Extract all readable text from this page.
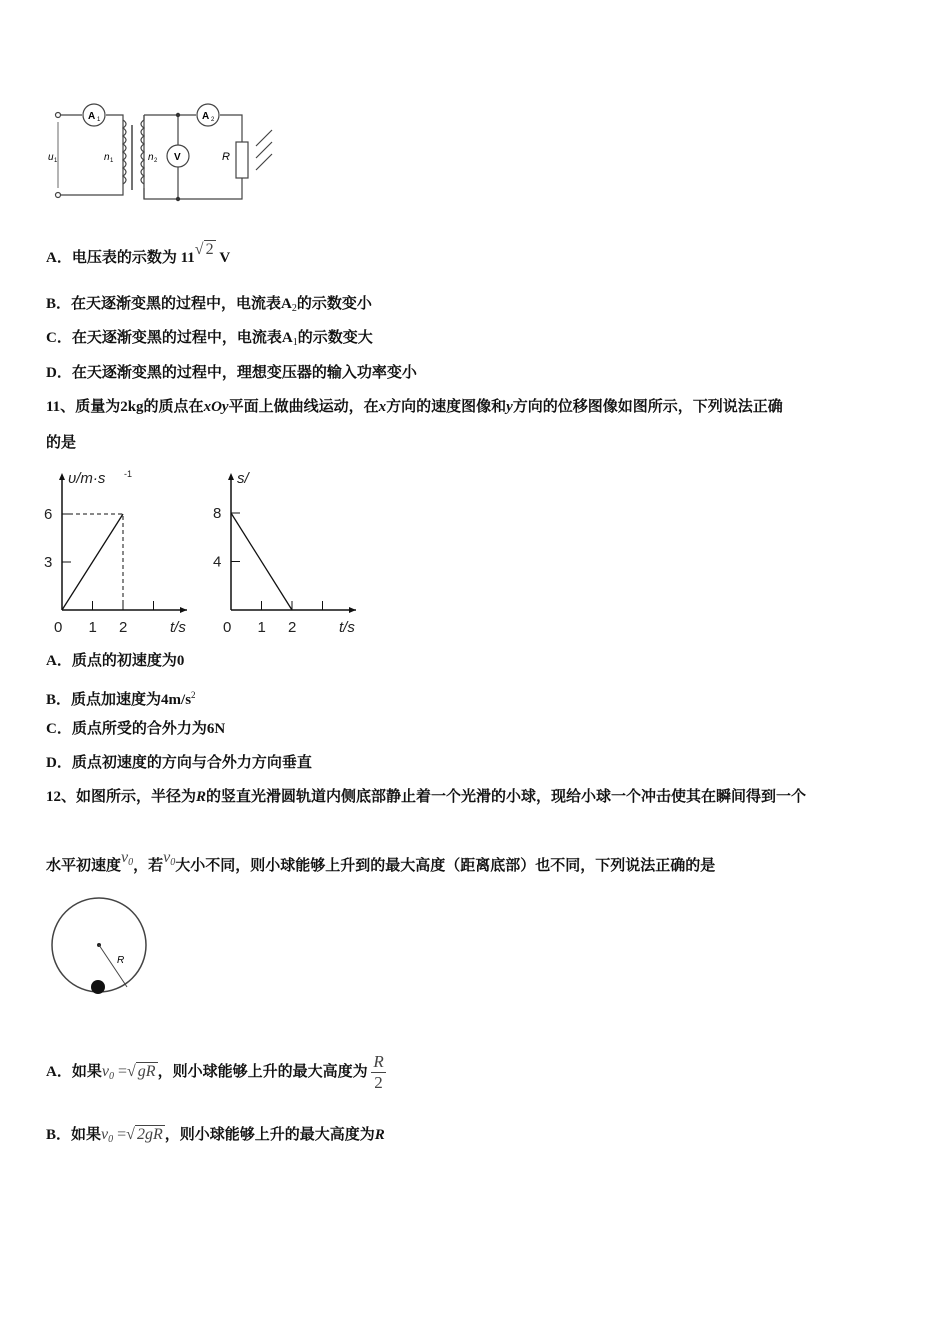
A 1	A 2
V
u 1	n 1	n 2	R
A．电压表的示数为 11√ 2 V
B．在天逐渐变黑的过程中，电流表$A_2$的示数变小
C．在天逐渐变黑的过程中，电流表$A_1$的示数变大
D．在天逐渐变黑的过程中，理想变压器的输入功率变小
11、质量为2kg的质点在xOy平面上做曲线运动，在x方向的速度图像和y方向的位移图像如图所示，下列说法正确
的是
3
6
0 1 2	t/s
υ/m·s -1
4
8
0 1 2	t/s
s/
A．质点的初速度为0
B．质点加速度为$4m/s^2$
C．质点所受的合外力为6N
D．质点初速度的方向与合外力方向垂直
12、如图所示，半径为R的竖直光滑圆轨道内侧底部静止着一个光滑的小球，现给小球一个冲击使其在瞬间得到一个
水平初速度$v_0$，若$v_0$大小不同，则小球能够上升到的最大高度（距离底部）也不同，下列说法正确的是
R
A．如果$v_0$ =√ gR ，则小球能够上升的最大高度为 $\frac{R}{2}$
B．如果$v_0$ =√ 2gR ，则小球能够上升的最大高度为R
